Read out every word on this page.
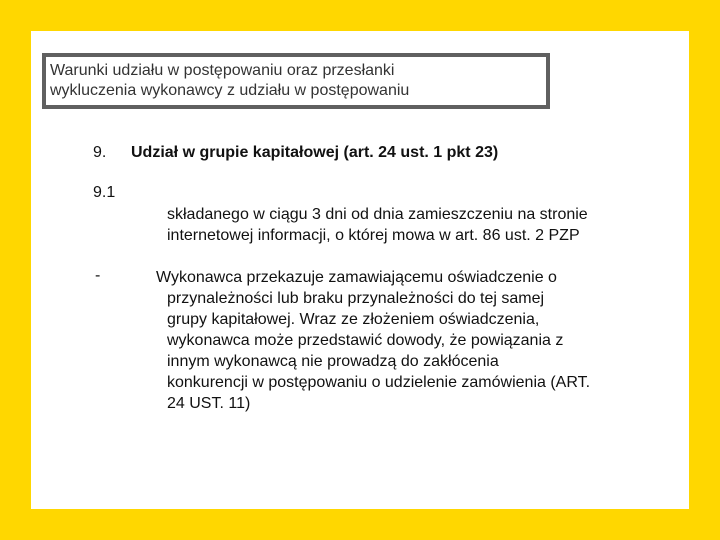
Warunki udziału w postępowaniu oraz przesłanki
wykluczenia wykonawcy z udziału w postępowaniu
9. Udział w grupie kapitałowej (art. 24 ust. 1 pkt 23)
9.1
składanego w ciągu 3 dni od dnia zamieszczeniu na stronie
internetowej informacji, o której mowa w art. 86 ust. 2 PZP
-	Wykonawca przekazuje zamawiającemu oświadczenie o
przynależności lub braku przynależności do tej samej
grupy kapitałowej. Wraz ze złożeniem oświadczenia,
wykonawca może przedstawić dowody, że powiązania z
innym wykonawcą nie prowadzą do zakłócenia
konkurencji w postępowaniu o udzielenie zamówienia (ART.
24 UST. 11)
